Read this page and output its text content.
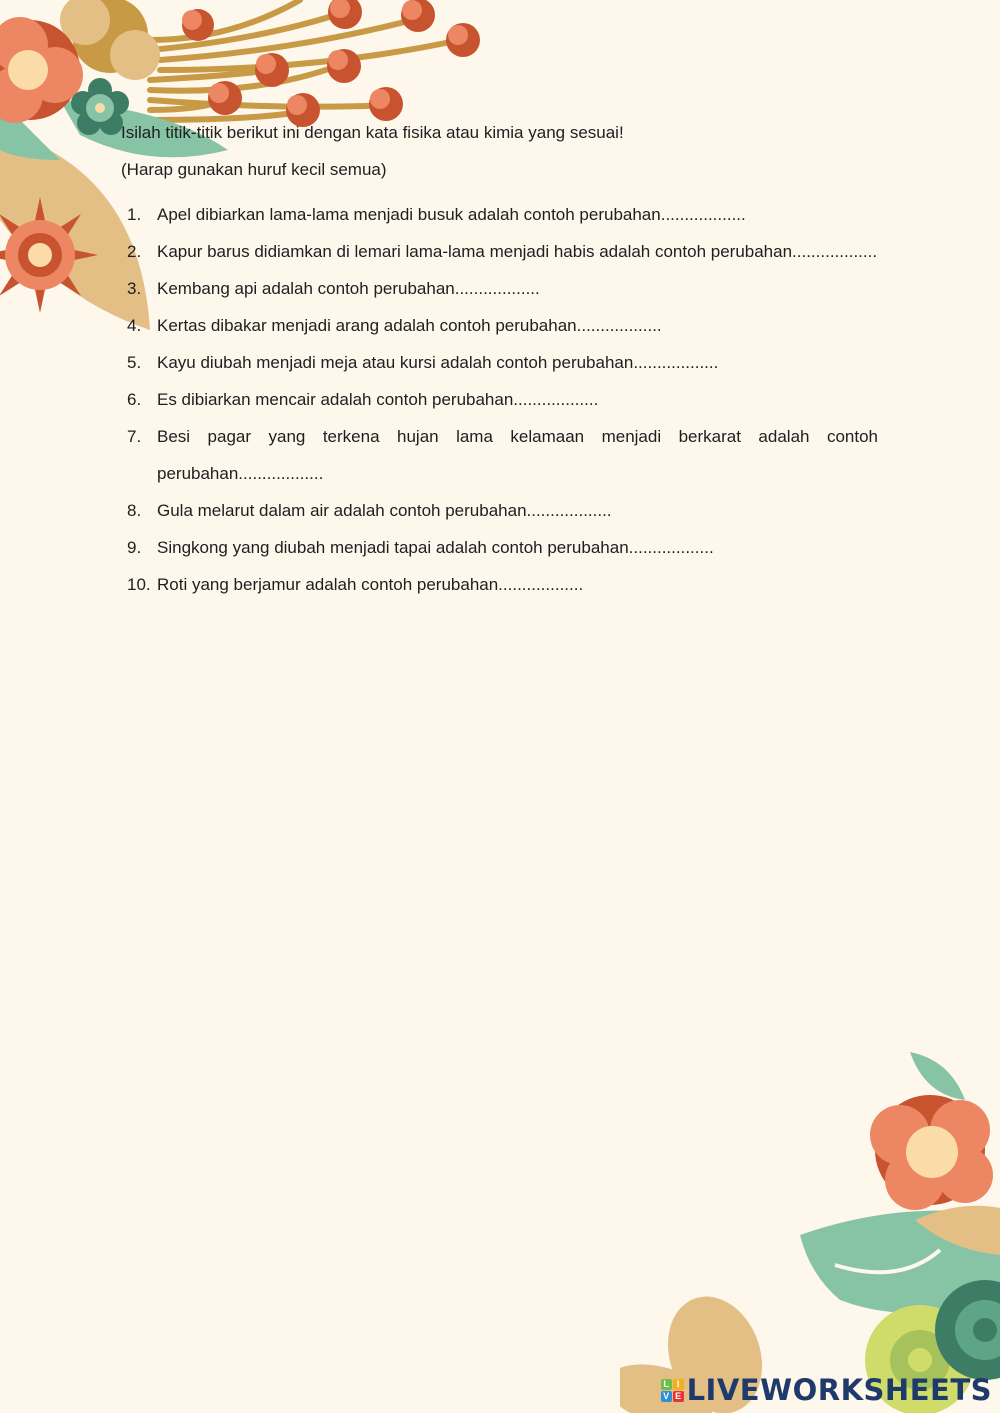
Isilah titik-titik berikut ini dengan kata fisika atau kimia yang sesuai!

(Harap gunakan huruf kecil semua)

1. Apel dibiarkan lama-lama menjadi busuk adalah contoh perubahan..................
2. Kapur barus didiamkan di lemari lama-lama menjadi habis adalah contoh perubahan..................
3. Kembang api adalah contoh perubahan..................
4. Kertas dibakar menjadi arang adalah contoh perubahan..................
5. Kayu diubah menjadi meja atau kursi adalah contoh perubahan..................
6. Es dibiarkan mencair adalah contoh perubahan..................
7. Besi pagar yang terkena hujan lama kelamaan menjadi berkarat adalah contoh perubahan..................
8. Gula melarut dalam air adalah contoh perubahan..................
9. Singkong yang diubah menjadi tapai adalah contoh perubahan..................
10. Roti yang berjamur adalah contoh perubahan..................
L I
V E LIVEWORKSHEETS
